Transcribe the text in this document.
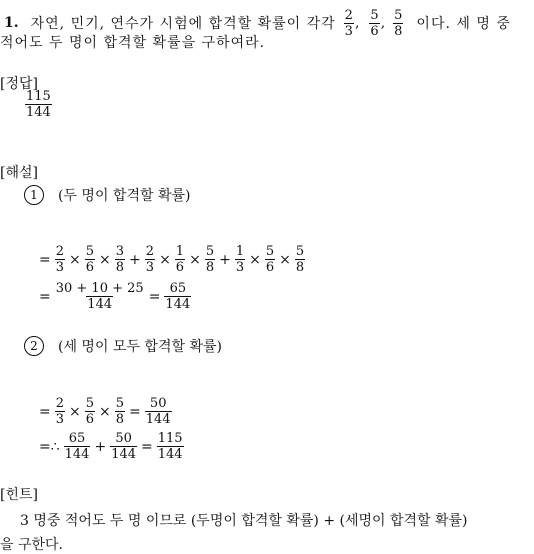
1. 자연, 민기, 연수가 시험에 합격할 확률이 각각 $\frac{2}{3}$ , $\frac{5}{6}$ , $\frac{5}{8}$ 이다. 세 명 중
적어도 두 명이 합격할 확률을 구하여라.
[정답]
$\frac{115}{144}$
[해설]
1	(두 명이 합격할 확률)
= $\frac{2}{3} \times \frac{5}{6} \times \frac{3}{8} + \frac{2}{3} \times \frac{1}{6} \times \frac{5}{8} + \frac{1}{3} \times \frac{5}{6} \times \frac{5}{8}$
= $\frac{30 + 10 + 25}{144} = \frac{65}{144}$
2	(세 명이 모두 합격할 확률)
= $\frac{2}{3} \times \frac{5}{6} \times \frac{5}{8} = \frac{50}{144}$
=∴ $\frac{65}{144} + \frac{50}{144} = \frac{115}{144}$
[힌트]
3 명중 적어도 두 명 이므로 (두명이 합격할 확률) + (세명이 합격할 확률)
을 구한다.
